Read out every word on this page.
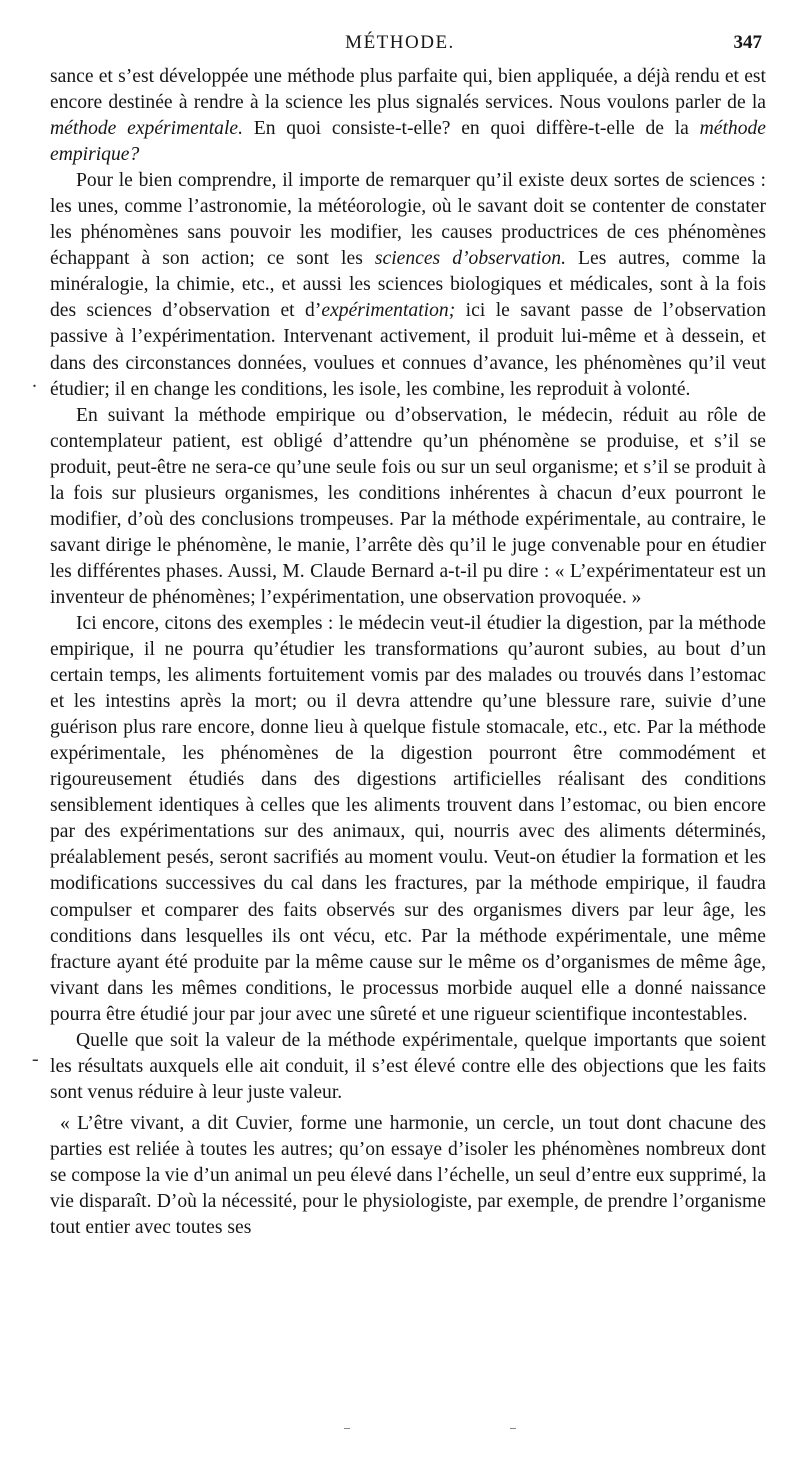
MÉTHODE.	347

sance et s’est développée une méthode plus parfaite qui, bien appliquée, a déjà rendu et est encore destinée à rendre à la science les plus signalés services. Nous voulons parler de la méthode expérimentale. En quoi consiste-t-elle? en quoi diffère-t-elle de la méthode empirique?

Pour le bien comprendre, il importe de remarquer qu’il existe deux sortes de sciences : les unes, comme l’astronomie, la météorologie, où le savant doit se contenter de constater les phénomènes sans pouvoir les modifier, les causes productrices de ces phénomènes échappant à son action; ce sont les sciences d’observation. Les autres, comme la minéralogie, la chimie, etc., et aussi les sciences biologiques et médicales, sont à la fois des sciences d’observation et d’expérimentation; ici le savant passe de l’observation passive à l’expérimentation. Intervenant activement, il produit lui-même et à dessein, et dans des circonstances données, voulues et connues d’avance, les phénomènes qu’il veut étudier; il en change les conditions, les isole, les combine, les reproduit à volonté.

En suivant la méthode empirique ou d’observation, le médecin, réduit au rôle de contemplateur patient, est obligé d’attendre qu’un phénomène se produise, et s’il se produit, peut-être ne sera-ce qu’une seule fois ou sur un seul organisme; et s’il se produit à la fois sur plusieurs organismes, les conditions inhérentes à chacun d’eux pourront le modifier, d’où des conclusions trompeuses. Par la méthode expérimentale, au contraire, le savant dirige le phénomène, le manie, l’arrête dès qu’il le juge convenable pour en étudier les différentes phases. Aussi, M. Claude Bernard a-t-il pu dire : « L’expérimentateur est un inventeur de phénomènes; l’expérimentation, une observation provoquée. »

Ici encore, citons des exemples : le médecin veut-il étudier la digestion, par la méthode empirique, il ne pourra qu’étudier les transformations qu’auront subies, au bout d’un certain temps, les aliments fortuitement vomis par des malades ou trouvés dans l’estomac et les intestins après la mort; ou il devra attendre qu’une blessure rare, suivie d’une guérison plus rare encore, donne lieu à quelque fistule stomacale, etc., etc. Par la méthode expérimentale, les phénomènes de la digestion pourront être commodément et rigoureusement étudiés dans des digestions artificielles réalisant des conditions sensiblement identiques à celles que les aliments trouvent dans l’estomac, ou bien encore par des expérimentations sur des animaux, qui, nourris avec des aliments déterminés, préalablement pesés, seront sacrifiés au moment voulu. Veut-on étudier la formation et les modifications successives du cal dans les fractures, par la méthode empirique, il faudra compulser et comparer des faits observés sur des organismes divers par leur âge, les conditions dans lesquelles ils ont vécu, etc. Par la méthode expérimentale, une même fracture ayant été produite par la même cause sur le même os d’organismes de même âge, vivant dans les mêmes conditions, le processus morbide auquel elle a donné naissance pourra être étudié jour par jour avec une sûreté et une rigueur scientifique incontestables.

Quelle que soit la valeur de la méthode expérimentale, quelque importants que soient les résultats auxquels elle ait conduit, il s’est élevé contre elle des objections que les faits sont venus réduire à leur juste valeur.

« L’être vivant, a dit Cuvier, forme une harmonie, un cercle, un tout dont chacune des parties est reliée à toutes les autres; qu’on essaye d’isoler les phénomènes nombreux dont se compose la vie d’un animal un peu élevé dans l’échelle, un seul d’entre eux supprimé, la vie disparaît. D’où la nécessité, pour le physiologiste, par exemple, de prendre l’organisme tout entier avec toutes ses

.
-
